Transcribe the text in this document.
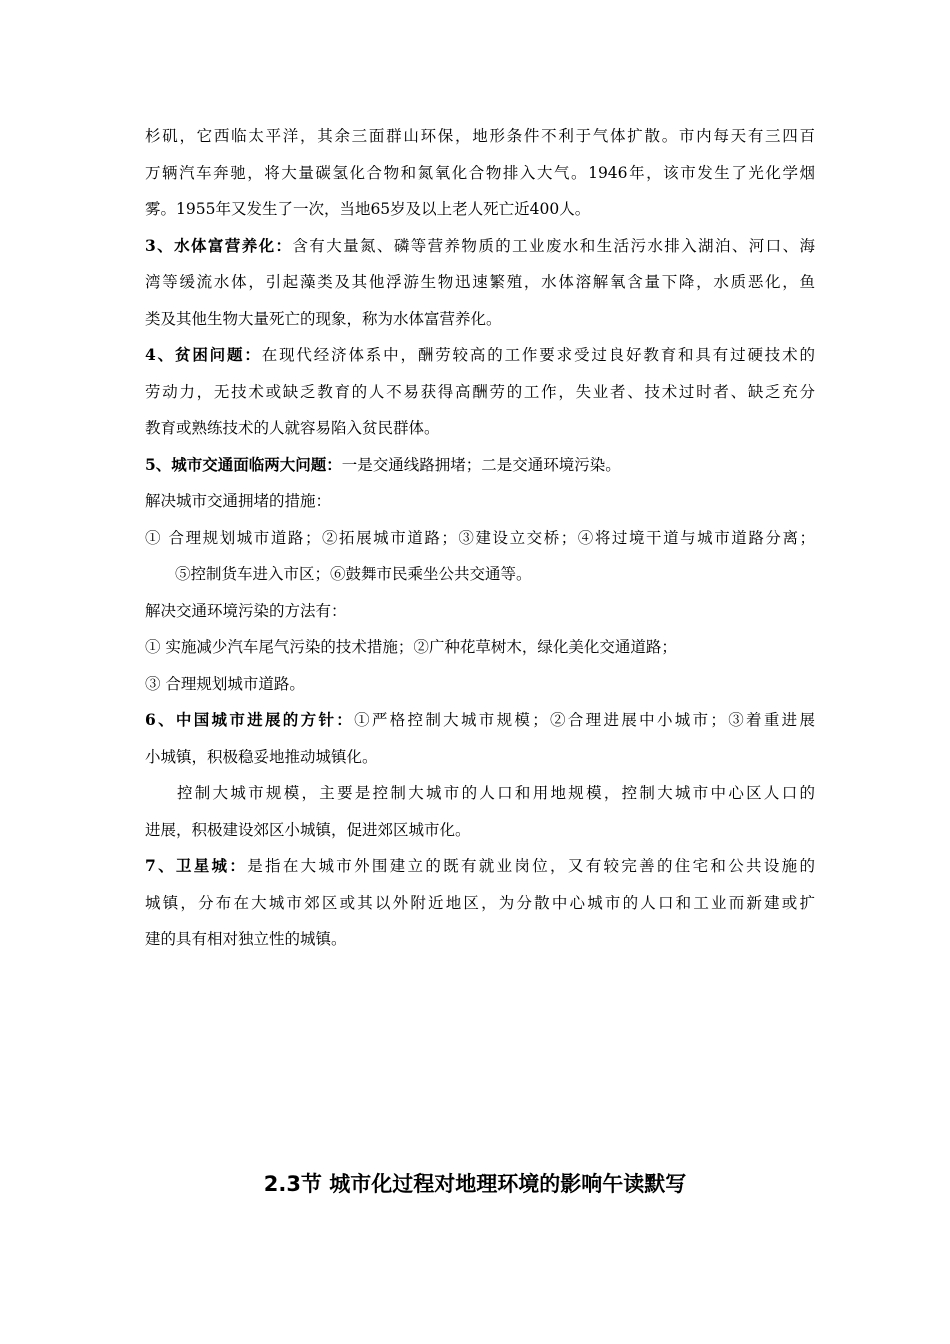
杉矶，它西临太平洋，其余三面群山环保，地形条件不利于气体扩散。市内每天有三四百
万辆汽车奔驰，将大量碳氢化合物和氮氧化合物排入大气。1946年，该市发生了光化学烟
雾。1955年又发生了一次，当地65岁及以上老人死亡近400人。
3、水体富营养化：含有大量氮、磷等营养物质的工业废水和生活污水排入湖泊、河口、海
湾等缓流水体，引起藻类及其他浮游生物迅速繁殖，水体溶解氧含量下降，水质恶化，鱼
类及其他生物大量死亡的现象，称为水体富营养化。
4、贫困问题：在现代经济体系中，酬劳较高的工作要求受过良好教育和具有过硬技术的
劳动力，无技术或缺乏教育的人不易获得高酬劳的工作，失业者、技术过时者、缺乏充分
教育或熟练技术的人就容易陷入贫民群体。
5、城市交通面临两大问题：一是交通线路拥堵；二是交通环境污染。
解决城市交通拥堵的措施：
① 合理规划城市道路；②拓展城市道路；③建设立交桥；④将过境干道与城市道路分离；
⑤控制货车进入市区；⑥鼓舞市民乘坐公共交通等。
解决交通环境污染的方法有：
① 实施减少汽车尾气污染的技术措施；②广种花草树木，绿化美化交通道路；
③ 合理规划城市道路。
6、中国城市进展的方针：①严格控制大城市规模；②合理进展中小城市；③着重进展
小城镇，积极稳妥地推动城镇化。
控制大城市规模，主要是控制大城市的人口和用地规模，控制大城市中心区人口的
进展，积极建设郊区小城镇，促进郊区城市化。
7、卫星城：是指在大城市外围建立的既有就业岗位，又有较完善的住宅和公共设施的
城镇，分布在大城市郊区或其以外附近地区，为分散中心城市的人口和工业而新建或扩
建的具有相对独立性的城镇。
2.3节 城市化过程对地理环境的影响午读默写
